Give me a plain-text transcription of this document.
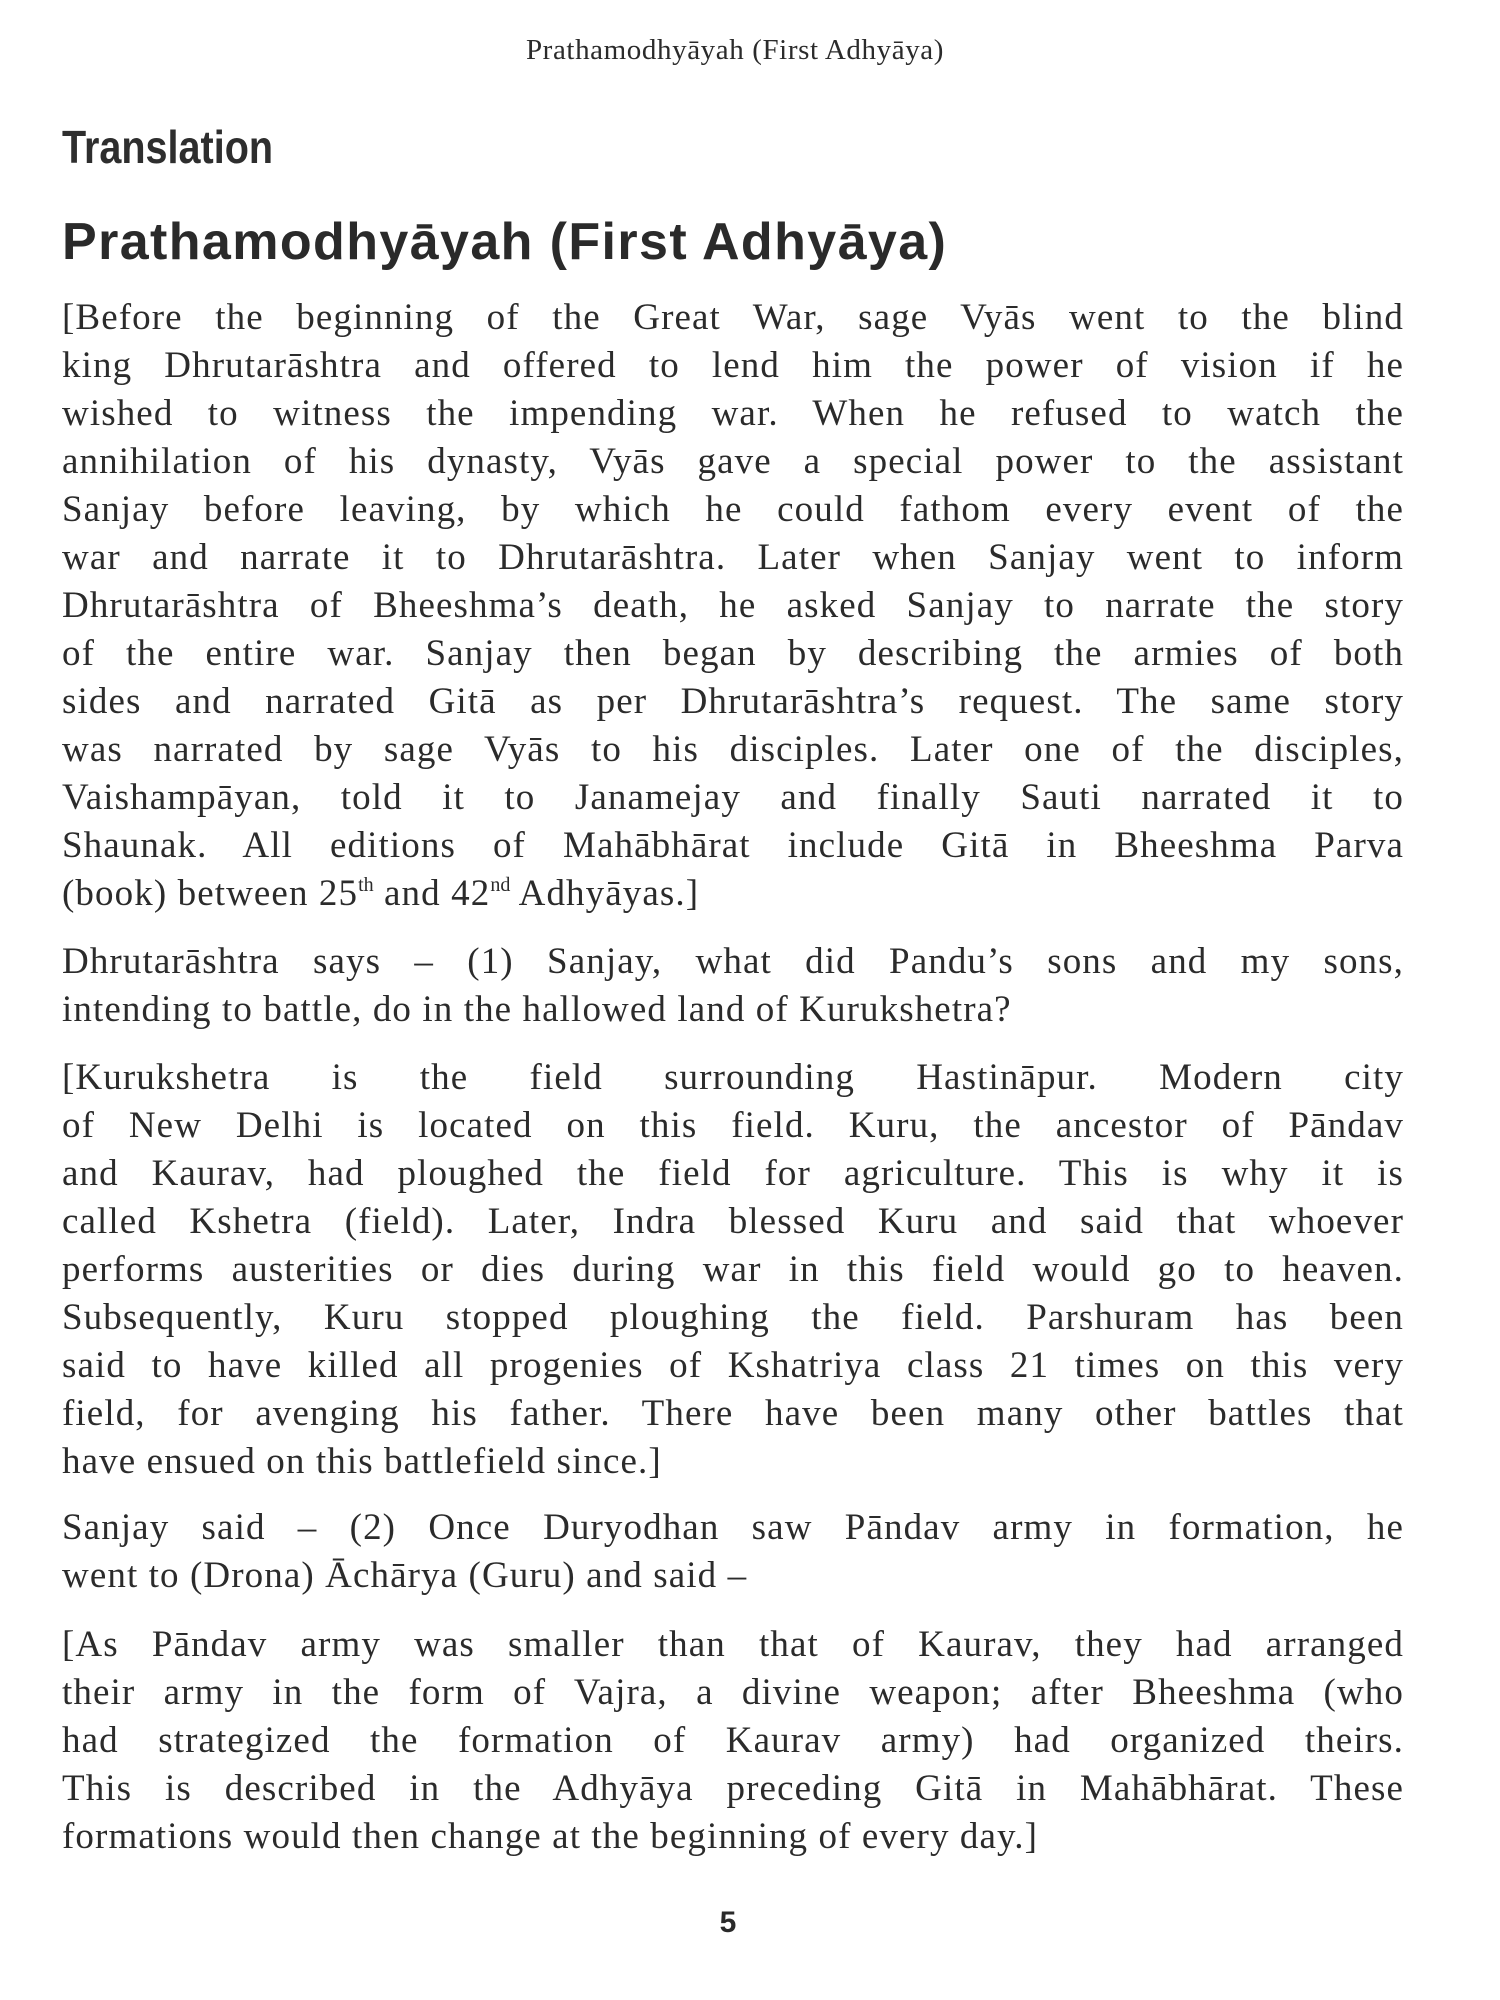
Prathamodhyāyah (First Adhyāya)
Translation
Prathamodhyāyah (First Adhyāya)
[Before the beginning of the Great War, sage Vyās went to the blind
king Dhrutarāshtra and offered to lend him the power of vision if he
wished to witness the impending war. When he refused to watch the
annihilation of his dynasty, Vyās gave a special power to the assistant
Sanjay before leaving, by which he could fathom every event of the
war and narrate it to Dhrutarāshtra. Later when Sanjay went to inform
Dhrutarāshtra of Bheeshma’s death, he asked Sanjay to narrate the story
of the entire war. Sanjay then began by describing the armies of both
sides and narrated Gitā as per Dhrutarāshtra’s request. The same story
was narrated by sage Vyās to his disciples. Later one of the disciples,
Vaishampāyan, told it to Janamejay and finally Sauti narrated it to
Shaunak. All editions of Mahābhārat include Gitā in Bheeshma Parva
(book) between 25th and 42nd Adhyāyas.]
Dhrutarāshtra says – (1) Sanjay, what did Pandu’s sons and my sons,
intending to battle, do in the hallowed land of Kurukshetra?
[Kurukshetra is the field surrounding Hastināpur. Modern city
of New Delhi is located on this field. Kuru, the ancestor of Pāndav
and Kaurav, had ploughed the field for agriculture. This is why it is
called Kshetra (field). Later, Indra blessed Kuru and said that whoever
performs austerities or dies during war in this field would go to heaven.
Subsequently, Kuru stopped ploughing the field. Parshuram has been
said to have killed all progenies of Kshatriya class 21 times on this very
field, for avenging his father. There have been many other battles that
have ensued on this battlefield since.]
Sanjay said – (2) Once Duryodhan saw Pāndav army in formation, he
went to (Drona) Āchārya (Guru) and said –
[As Pāndav army was smaller than that of Kaurav, they had arranged
their army in the form of Vajra, a divine weapon; after Bheeshma (who
had strategized the formation of Kaurav army) had organized theirs.
This is described in the Adhyāya preceding Gitā in Mahābhārat. These
formations would then change at the beginning of every day.]
5
